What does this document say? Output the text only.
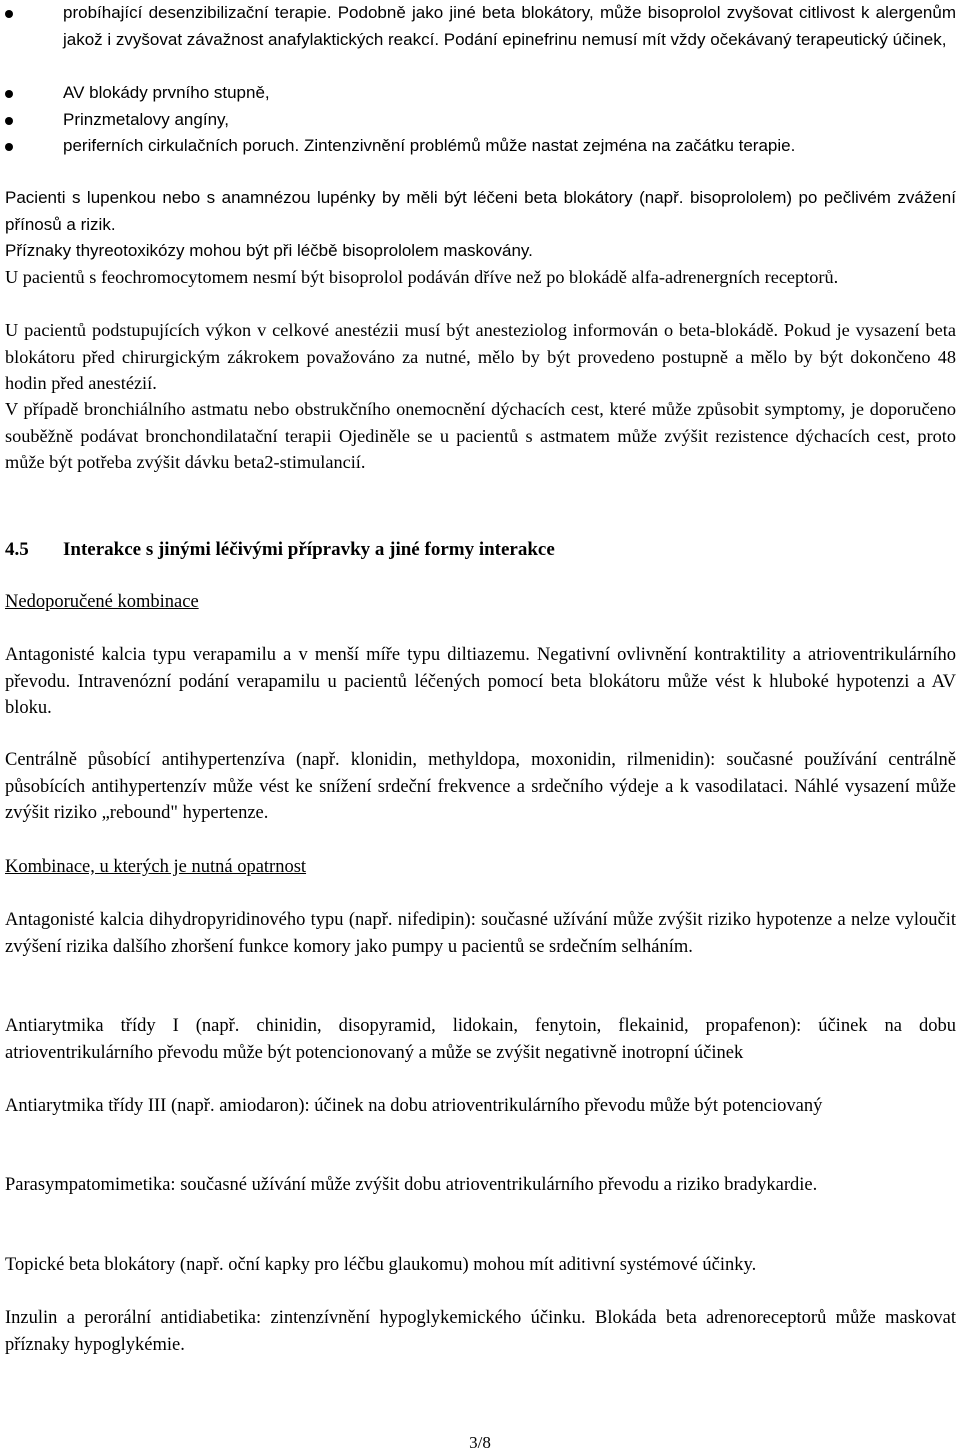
probíhající desenzibilizační terapie. Podobně jako jiné beta blokátory, může bisoprolol zvyšovat citlivost k alergenům jakož i zvyšovat závažnost anafylaktických reakcí. Podání epinefrinu nemusí mít vždy očekávaný terapeutický účinek,

AV blokády prvního stupně,

Prinzmetalovy angíny,

periferních cirkulačních poruch. Zintenzivnění problémů může nastat zejména na začátku terapie.

Pacienti s lupenkou nebo s anamnézou lupénky by měli být léčeni beta blokátory (např. bisoprololem) po pečlivém zvážení přínosů a rizik.

Příznaky thyreotoxikózy mohou být při léčbě bisoprololem maskovány.

U pacientů s feochromocytomem nesmí být bisoprolol podáván dříve než po blokádě alfa-adrenergních receptorů.

U pacientů podstupujících výkon v celkové anestézii musí být anesteziolog informován o beta-blokádě. Pokud je vysazení beta blokátoru před chirurgickým zákrokem považováno za nutné, mělo by být provedeno postupně a mělo by být dokončeno 48 hodin před anestézií.

V případě bronchiálního astmatu nebo obstrukčního onemocnění dýchacích cest, které může způsobit symptomy, je doporučeno souběžně podávat bronchondilatační terapii Ojediněle se u pacientů s astmatem může zvýšit rezistence dýchacích cest, proto může být potřeba zvýšit dávku beta2-stimulancií.

4.5 Interakce s jinými léčivými přípravky a jiné formy interakce
Nedoporučené kombinace

Antagonisté kalcia typu verapamilu a v menší míře typu diltiazemu. Negativní ovlivnění kontraktility a atrioventrikulárního převodu. Intravenózní podání verapamilu u pacientů léčených pomocí beta blokátoru může vést k hluboké hypotenzi a AV bloku.

Centrálně působící antihypertenzíva (např. klonidin, methyldopa, moxonidin, rilmenidin): současné používání centrálně působících antihypertenzív může vést ke snížení srdeční frekvence a srdečního výdeje a k vasodilataci. Náhlé vysazení může zvýšit riziko „rebound" hypertenze.

Kombinace, u kterých je nutná opatrnost

Antagonisté kalcia dihydropyridinového typu (např. nifedipin): současné užívání může zvýšit riziko hypotenze a nelze vyloučit zvýšení rizika dalšího zhoršení funkce komory jako pumpy u pacientů se srdečním selháním.

Antiarytmika třídy I (např. chinidin, disopyramid, lidokain, fenytoin, flekainid, propafenon): účinek na dobu atrioventrikulárního převodu může být potencionovaný a může se zvýšit negativně inotropní účinek

Antiarytmika třídy III (např. amiodaron): účinek na dobu atrioventrikulárního převodu může být potenciovaný

Parasympatomimetika: současné užívání může zvýšit dobu atrioventrikulárního převodu a riziko bradykardie.

Topické beta blokátory (např. oční kapky pro léčbu glaukomu) mohou mít aditivní systémové účinky.

Inzulin a perorální antidiabetika: zintenzívnění hypoglykemického účinku. Blokáda beta adrenoreceptorů může maskovat příznaky hypoglykémie.

3/8
